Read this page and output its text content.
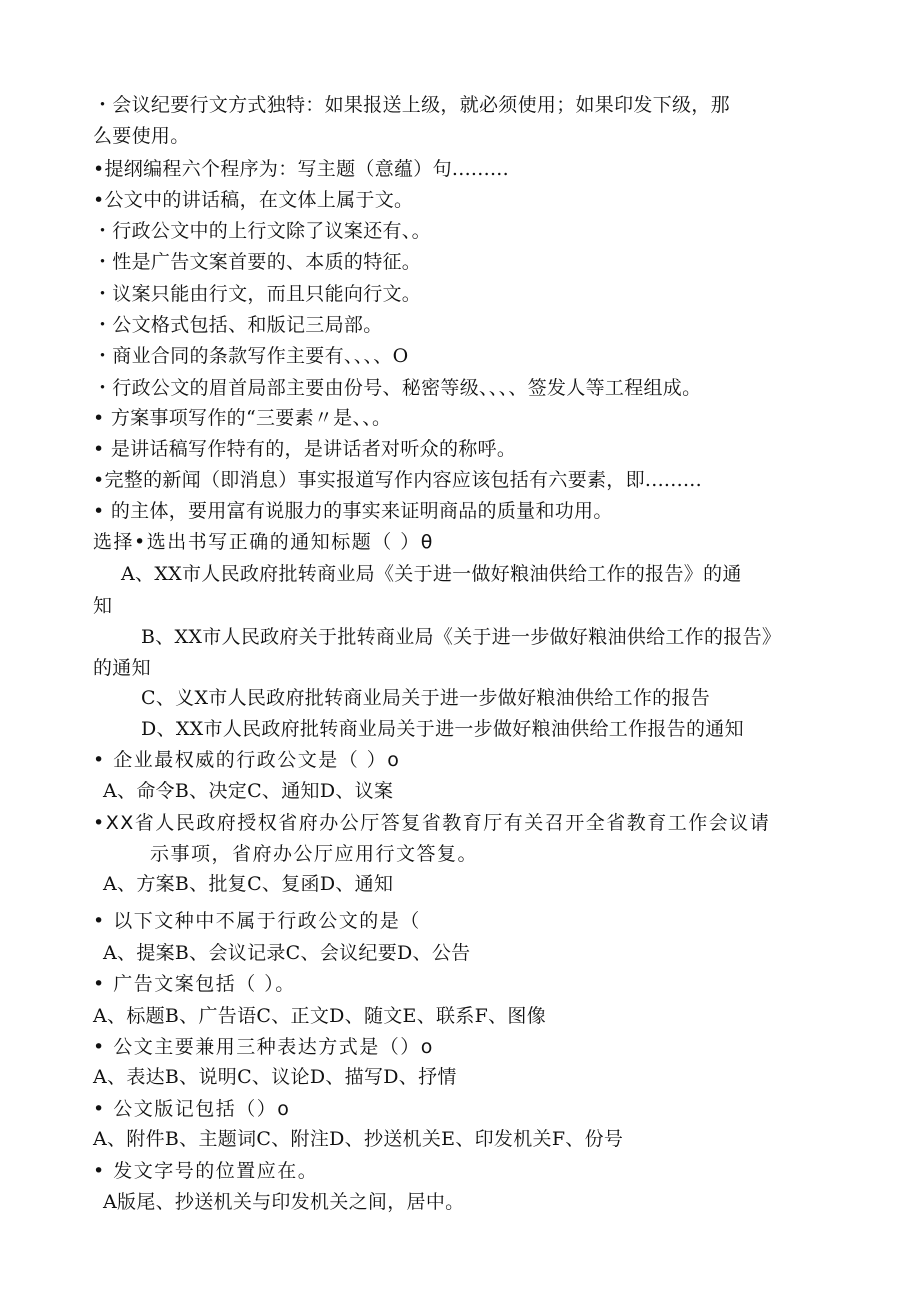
・会议纪要行文方式独特：如果报送上级，就必须使用；如果印发下级，那
么要使用。
•提纲编程六个程序为：写主题（意蕴）句.........
•公文中的讲话稿，在文体上属于文。
・行政公文中的上行文除了议案还有、。
・性是广告文案首要的、本质的特征。
・议案只能由行文，而且只能向行文。
・公文格式包括、和版记三局部。
・商业合同的条款写作主要有、、、、O
・行政公文的眉首局部主要由份号、秘密等级、、、、签发人等工程组成。
• 方案事项写作的“三要素〃是、、。
• 是讲话稿写作特有的，是讲话者对听众的称呼。
•完整的新闻（即消息）事实报道写作内容应该包括有六要素，即.........
• 的主体，要用富有说服力的事实来证明商品的质量和功用。
选择•选出书写正确的通知标题（ ）θ
A、XX市人民政府批转商业局《关于进一做好粮油供给工作的报告》的通
知
B、XX市人民政府关于批转商业局《关于进一步做好粮油供给工作的报告》
的通知
C、义X市人民政府批转商业局关于进一步做好粮油供给工作的报告
D、XX市人民政府批转商业局关于进一步做好粮油供给工作报告的通知
• 企业最权威的行政公文是（ ）o
A、命令B、决定C、通知D、议案
•XX省人民政府授权省府办公厅答复省教育厅有关召开全省教育工作会议请
示事项，省府办公厅应用行文答复。
A、方案B、批复C、复函D、通知
• 以下文种中不属于行政公文的是（
A、提案B、会议记录C、会议纪要D、公告
• 广告文案包括（ ）。
A、标题B、广告语C、正文D、随文E、联系F、图像
• 公文主要兼用三种表达方式是（）o
A、表达B、说明C、议论D、描写D、抒情
• 公文版记包括（）o
A、附件B、主题词C、附注D、抄送机关E、印发机关F、份号
• 发文字号的位置应在。
A版尾、抄送机关与印发机关之间，居中。
